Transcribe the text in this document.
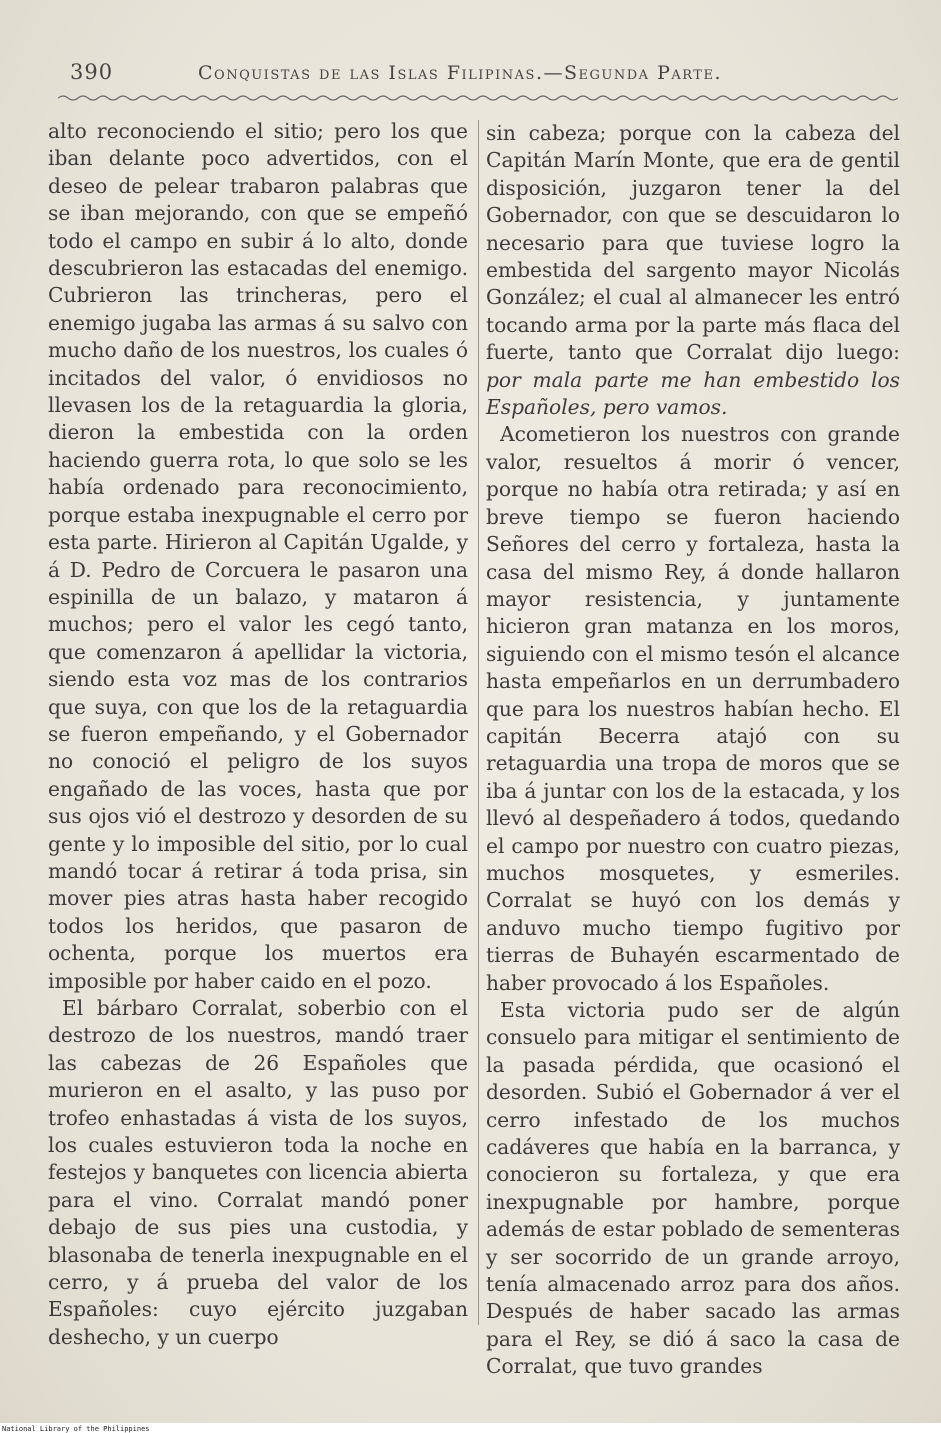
390	Conquistas de las Islas Filipinas.—Segunda Parte.

alto reconociendo el sitio; pero los que iban delante poco advertidos, con el deseo de pelear trabaron palabras que se iban mejorando, con que se empeñó todo el campo en subir á lo alto, donde descubrieron las estacadas del enemigo. Cubrieron las trincheras, pero el enemigo jugaba las armas á su salvo con mucho daño de los nuestros, los cuales ó incitados del valor, ó envidiosos no llevasen los de la retaguardia la gloria, dieron la embestida con la orden haciendo guerra rota, lo que solo se les había ordenado para reconocimiento, porque estaba inexpugnable el cerro por esta parte. Hirieron al Capitán Ugalde, y á D. Pedro de Corcuera le pasaron una espinilla de un balazo, y mataron á muchos; pero el valor les cegó tanto, que comenzaron á apellidar la victoria, siendo esta voz mas de los contrarios que suya, con que los de la retaguardia se fueron empeñando, y el Gobernador no conoció el peligro de los suyos engañado de las voces, hasta que por sus ojos vió el destrozo y desorden de su gente y lo imposible del sitio, por lo cual mandó tocar á retirar á toda prisa, sin mover pies atras hasta haber recogido todos los heridos, que pasaron de ochenta, porque los muertos era imposible por haber caido en el pozo.

El bárbaro Corralat, soberbio con el destrozo de los nuestros, mandó traer las cabezas de 26 Españoles que murieron en el asalto, y las puso por trofeo enhastadas á vista de los suyos, los cuales estuvieron toda la noche en festejos y banquetes con licencia abierta para el vino. Corralat mandó poner debajo de sus pies una custodia, y blasonaba de tenerla inexpugnable en el cerro, y á prueba del valor de los Españoles: cuyo ejército juzgaban deshecho, y un cuerpo

sin cabeza; porque con la cabeza del Capitán Marín Monte, que era de gentil disposición, juzgaron tener la del Gobernador, con que se descuidaron lo necesario para que tuviese logro la embestida del sargento mayor Nicolás González; el cual al almanecer les entró tocando arma por la parte más flaca del fuerte, tanto que Corralat dijo luego: por mala parte me han embestido los Españoles, pero vamos.

Acometieron los nuestros con grande valor, resueltos á morir ó vencer, porque no había otra retirada; y así en breve tiempo se fueron haciendo Señores del cerro y fortaleza, hasta la casa del mismo Rey, á donde hallaron mayor resistencia, y juntamente hicieron gran matanza en los moros, siguiendo con el mismo tesón el alcance hasta empeñarlos en un derrumbadero que para los nuestros habían hecho. El capitán Becerra atajó con su retaguardia una tropa de moros que se iba á juntar con los de la estacada, y los llevó al despeñadero á todos, quedando el campo por nuestro con cuatro piezas, muchos mosquetes, y esmeriles. Corralat se huyó con los demás y anduvo mucho tiempo fugitivo por tierras de Buhayén escarmentado de haber provocado á los Españoles.

Esta victoria pudo ser de algún consuelo para mitigar el sentimiento de la pasada pérdida, que ocasionó el desorden. Subió el Gobernador á ver el cerro infestado de los muchos cadáveres que había en la barranca, y conocieron su fortaleza, y que era inexpugnable por hambre, porque además de estar poblado de sementeras y ser socorrido de un grande arroyo, tenía almacenado arroz para dos años. Después de haber sacado las armas para el Rey, se dió á saco la casa de Corralat, que tuvo grandes

National Library of the Philippines
